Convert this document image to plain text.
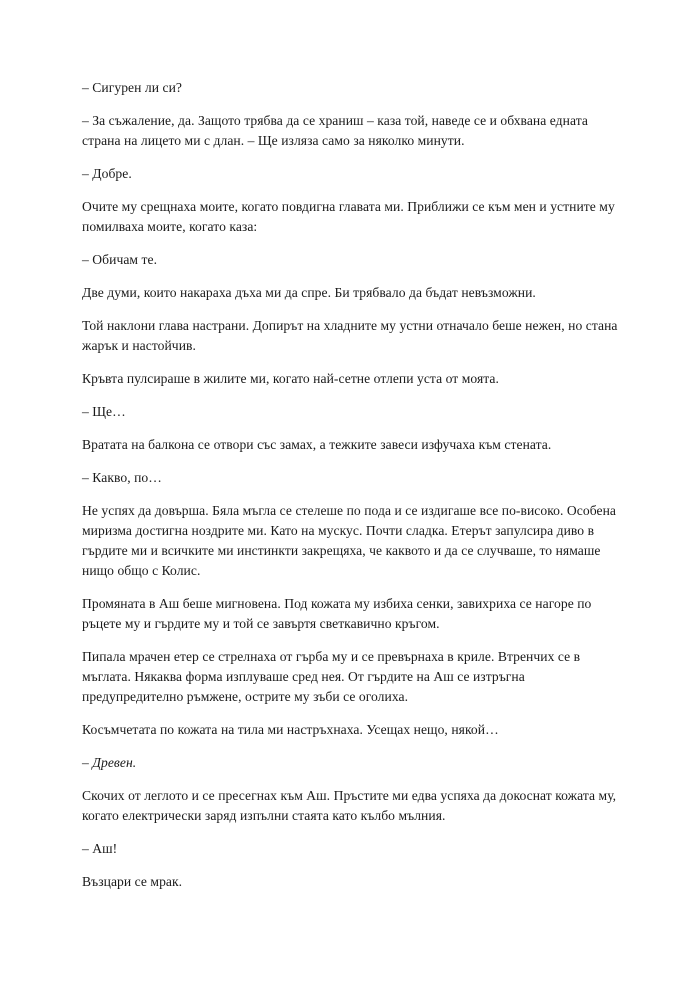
– Сигурен ли си?

– За съжаление, да. Защото трябва да се храниш – каза той, наведе се и обхвана едната страна на лицето ми с длан. – Ще изляза само за няколко минути.

– Добре.

Очите му срещнаха моите, когато повдигна главата ми. Приближи се към мен и устните му помилваха моите, когато каза:

– Обичам те.

Две думи, които накараха дъха ми да спре. Би трябвало да бъдат невъзможни.

Той наклони глава настрани. Допирът на хладните му устни отначало беше нежен, но стана жарък и настойчив.

Кръвта пулсираше в жилите ми, когато най-сетне отлепи уста от моята.

– Ще…

Вратата на балкона се отвори със замах, а тежките завеси изфучаха към стената.

– Какво, по…

Не успях да довърша. Бяла мъгла се стелеше по пода и се издигаше все по-високо. Особена миризма достигна ноздрите ми. Като на мускус. Почти сладка. Етерът запулсира диво в гърдите ми и всичките ми инстинкти закрещяха, че каквото и да се случваше, то нямаше нищо общо с Колис.

Промяната в Аш беше мигновена. Под кожата му избиха сенки, завихриха се нагоре по ръцете му и гърдите му и той се завъртя светкавично кръгом.

Пипала мрачен етер се стрелнаха от гърба му и се превърнаха в криле. Втренчих се в мъглата. Някаква форма изплуваше сред нея. От гърдите на Аш се изтръгна предупредително ръмжене, острите му зъби се оголиха.

Косъмчетата по кожата на тила ми настръхнаха. Усещах нещо, някой…

– Древен.

Скочих от леглото и се пресегнах към Аш. Пръстите ми едва успяха да докоснат кожата му, когато електрически заряд изпълни стаята като кълбо мълния.

– Аш!

Възцари се мрак.
